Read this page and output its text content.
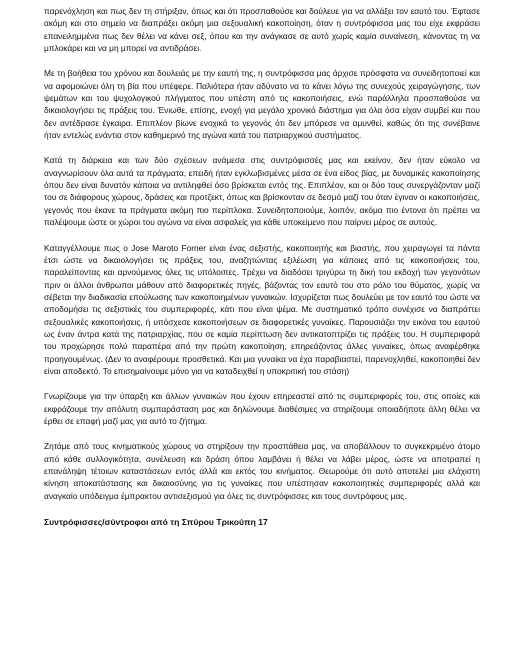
παρενόχληση και πως δεν τη στήριξαν, όπως και ότι προσπαθούσε και δούλευε για να αλλάξει τον εαυτό του. Έφτασε ακόμη και στο σημείο να διαπράξει ακόμη μια σεξουαλική κακοποίηση, όταν η συντρόφισσα μας του είχε εκφράσει επανειλημμένα πως δεν θέλει να κάνει σεξ, όπου και την ανάγκασε σε αυτό χωρίς καμία συναίνεση, κάνοντας τη να μπλοκάρει και να μη μπορεί να αντιδράσει.

Με τη βοήθεια του χρόνου και δουλειάς με την εαυτή της, η συντρόφισσα μας άρχισε πρόσφατα να συνειδητοποιεί και να αφομοιώνει όλη τη βία που υπέφερε. Παλιότερα ήταν αδύνατο να το κάνει λόγω της συνεχούς χειραγώγησης, των ψεμάτων και του ψυχολογικού πλήγματος που υπέστη από τις κακοποιήσεις, ενώ παράλληλα προσπαθούσε να δικαιολογήσει τις πράξεις του. Ένιωθε, επίσης, ενοχή για μεγάλο χρονικό διάστημα για όλα όσα είχαν συμβεί και που δεν αντέδρασε έγκαιρα. Επιπλέον βίωνε ενοχικά το γεγονός ότι δεν μπόρεσε να αμυνθεί, καθώς ότι της συνέβαινε ήταν εντελώς ενάντια στον καθημερινό της αγώνα κατά του πατριαρχικού συστήματος.

Κατά τη διάρκεια και των δύο σχέσεων ανάμεσα στις συντρόφισσές μας και εκείνον, δεν ήταν εύκολο να αναγνωρίσουν όλα αυτά τα πράγματα, επειδή ήταν εγκλωβισμένες μέσα σε ένα είδος βίας, με δυναμικές κακοποίησης όπου δεν είναι δυνατόν κάποια να αντιληφθεί όσο βρίσκεται εντός της. Επιπλέον, και οι δύο τους συνεργάζονταν μαζί του σε διάφορους χώρους, δράσεις και προτζεκτ, όπως και βρίσκονταν σε δεσμό μαζί του όταν έγιναν οι κακοποιήσεις, γεγονός που έκανε τα πράγματα ακόμη πιο περίπλοκα. Συνειδητοποιούμε, λοιπόν, ακόμα πιο έντονα ότι πρέπει να παλέψουμε ώστε οι χώροι του αγώνα να είναι ασφαλείς για κάθε υποκείμενο που παίρνει μέρος σε αυτούς.

Καταγγέλλουμε πως ο Jose Maroto Forner είναι ένας σεξιστής, κακοποιητής και βιαστής, που χειραγωγεί τα πάντα έτσι ώστε να δικαιολογήσει τις πράξεις του, αναζητώντας εξιλέωση για κάποιες από τις κακοποιήσεις του, παραλείποντας και αρνούμενος όλες τις υπόλοιπες. Τρέχει να διαδόσει τριγύρω τη δική του εκδοχή των γεγονότων πριν οι άλλοι άνθρωποι μάθουν από διαφορετικές πηγές, βάζοντας τον εαυτό του στο ρόλο του θύματος, χωρίς να σέβεται την διαδικασία επούλωσης των κακοποιημένων γυναικών. Ισχυρίζεται πως δουλεύει με τον εαυτό του ώστε να αποδομήσει τις σεξιστικές του συμπεριφορές, κάτι που είναι ψέμα. Με συστηματικό τρόπο συνέχισε να διαπράττει σεξουαλικές κακοποιήσεις, ή υπόσχεσε κακοποιήσεων σε διαφορετικές γυναίκες. Παρουσιάζει την εικόνα του εαυτού ως έναν άντρα κατά της πατριαρχίας, που σε καμία περίπτωση δεν αντικατοπτρίζει τις πράξεις του. Η συμπεριφορά του προχώρησε πολύ παραπέρα από την πρώτη κακοποίηση, επηρεάζοντας άλλες γυναίκες, όπως αναφέρθηκε προηγουμένως. (Δεν το αναφέρουμε προσθετικά. Και μια γυναίκα να έχα παραβιαστεί, παρενοχληθεί, κακοποιηθεί δεν είναι αποδεκτό. Το επισημαίνουμε μόνο για να καταδειχθεί η υποκριτική του στάση)

Γνωρίζουμε για την ύπαρξη και άλλων γυναικών που έχουν επηρεαστεί από τις συμπεριφορές του, στις οποίες και εκφράζουμε την απόλυτη συμπαράσταση μας και δηλώνουμε διαθέσιμες να στηρίξουμε οποιαδήποτε άλλη θέλει να έρθει σε επαφή μαζί μας για αυτό το ζήτημα.

Ζητάμε από τους κινηματικούς χώρους να στηρίξουν την προσπάθεια μας, να αποβάλλουν το συγκεκριμένο άτομο από κάθε συλλογικότητα, συνέλευση και δράση όπου λαμβάνει ή θέλει να λάβει μέρος, ώστε να αποτραπεί η επανάληψη τέτοιων καταστάσεων εντός αλλά και εκτός του κινήματος. Θεωρούμε ότι αυτό αποτελεί μια ελάχιστη κίνηση αποκατάστασης και δικαιοσύνης για τις γυναίκες που υπέστησαν κακοποιητικές συμπεριφορές αλλά και αναγκαίο υπόδειγμα έμπρακτου αντισεξισμού για όλες τις συντρόφισσες και τους συντρόφους μας.

Συντρόφισσες/σύντροφοι από τη Σπύρου Τρικούπη 17
